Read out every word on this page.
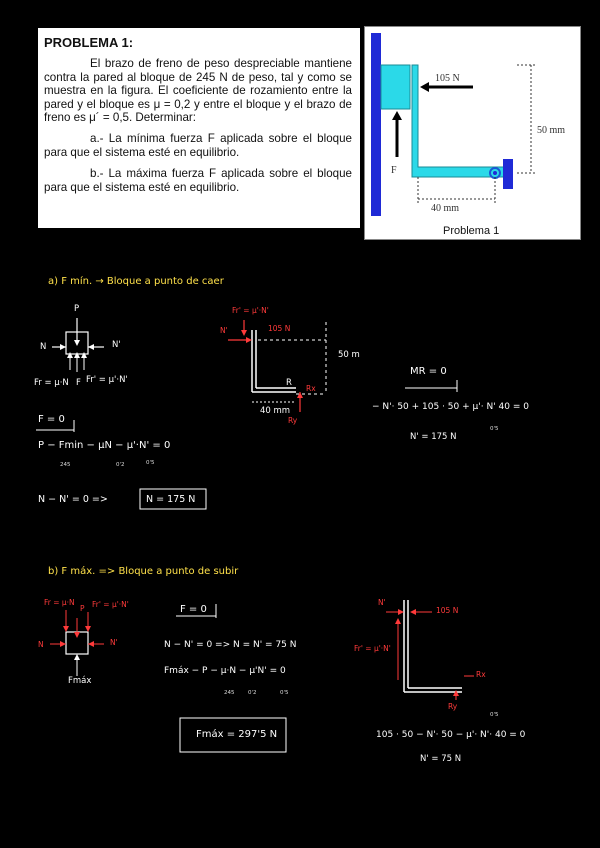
PROBLEMA 1:

El brazo de freno de peso despreciable mantiene contra la pared al bloque de 245 N de peso, tal y como se muestra en la figura. El coeficiente de rozamiento entre la pared y el bloque es μ = 0,2 y entre el bloque y el brazo de freno es μ´ = 0,5. Determinar:

a.- La mínima fuerza F aplicada sobre el bloque para que el sistema esté en equilibrio.

b.- La máxima fuerza F aplicada sobre el bloque para que el sistema esté en equilibrio.

105 N
50 mm
40 mm
F
Problema 1
a) F mín. → Bloque a punto de caer
P
N	N'
Fr = μ·N F Fr' = μ'·N'
Fr' = μ'·N'
N'	105 N
50 m
R
Rx
Ry
40 mm
F = 0
P − Fmin − μN − μ'·N' = 0
245	0'2	0'5
N − N' = 0 =>	N = 175 N
MR = 0
− N'· 50 + 105 · 50 + μ'· N' 40 = 0
0'5
N' = 175 N
b) F máx. => Bloque a punto de subir
Fr = μ·N
P Fr' = μ'·N'
N	N'
Fmáx
F = 0
N − N' = 0 => N = N' = 75 N
Fmáx − P − μ·N − μ'N' = 0
245 0'2	0'5
Fmáx = 297'5 N
N'
105 N
Fr' = μ'·N'
Rx
Ry
0'5
105 · 50 − N'· 50 − μ'· N'· 40 = 0
N' = 75 N
